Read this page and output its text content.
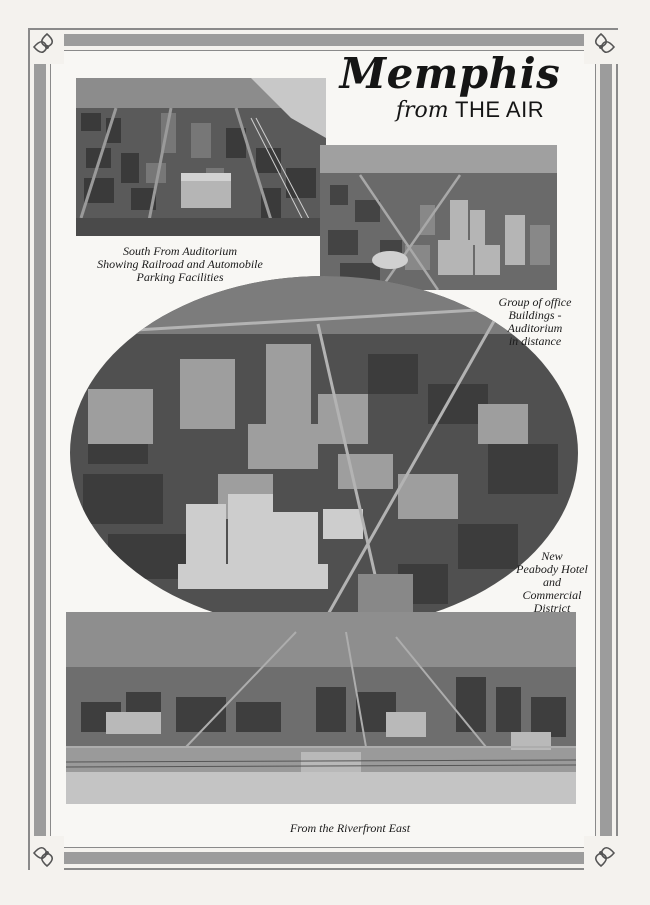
Memphis
from THE AIR
South From Auditorium
Showing Railroad and Automobile
Parking Facilities
Group of office
Buildings -
Auditorium
in distance
New
Peabody Hotel
and
Commercial
District
From the Riverfront East
